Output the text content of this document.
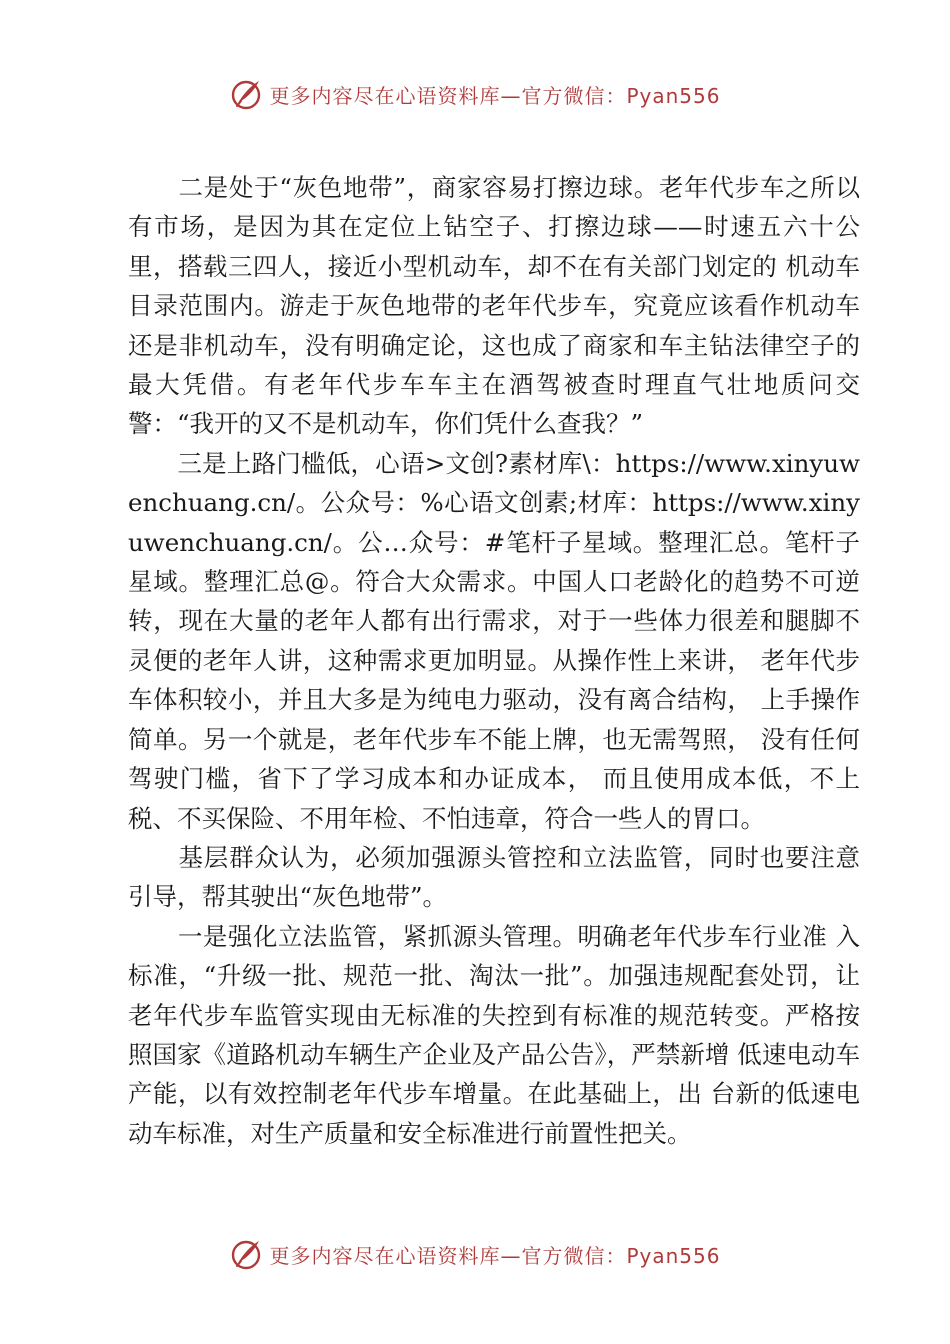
更多内容尽在心语资料库—官方微信：Pyan556

　　二是处于“灰色地带”，商家容易打擦边球。老年代步车之所以有市场，是因为其在定位上钻空子、打擦边球——时速五六十公里，搭载三四人，接近小型机动车，却不在有关部门划定的 机动车目录范围内。游走于灰色地带的老年代步车，究竟应该看作机动车还是非机动车，没有明确定论，这也成了商家和车主钻法律空子的最大凭借。有老年代步车车主在酒驾被查时理直气壮地质问交警：“我开的又不是机动车，你们凭什么查我？”

　　三是上路门槛低，心语>文创?素材库\：https://www.xinyuwenchuang.cn/。公众号：%心语文创素;材库：https://www.xinyuwenchuang.cn/。公…众号：#笔杆子星域。整理汇总。笔杆子星域。整理汇总@。符合大众需求。中国人口老龄化的趋势不可逆转，现在大量的老年人都有出行需求，对于一些体力很差和腿脚不灵便的老年人讲，这种需求更加明显。从操作性上来讲， 老年代步车体积较小，并且大多是为纯电力驱动，没有离合结构， 上手操作简单。另一个就是，老年代步车不能上牌，也无需驾照， 没有任何驾驶门槛，省下了学习成本和办证成本， 而且使用成本低，不上税、不买保险、不用年检、不怕违章，符合一些人的胃口。

　　基层群众认为，必须加强源头管控和立法监管，同时也要注意引导，帮其驶出“灰色地带”。

　　一是强化立法监管，紧抓源头管理。明确老年代步车行业准 入标准，“升级一批、规范一批、淘汰一批”。加强违规配套处罚，让老年代步车监管实现由无标准的失控到有标准的规范转变。严格按照国家《道路机动车辆生产企业及产品公告》，严禁新增 低速电动车产能，以有效控制老年代步车增量。在此基础上，出 台新的低速电动车标准，对生产质量和安全标准进行前置性把关。

更多内容尽在心语资料库—官方微信：Pyan556
